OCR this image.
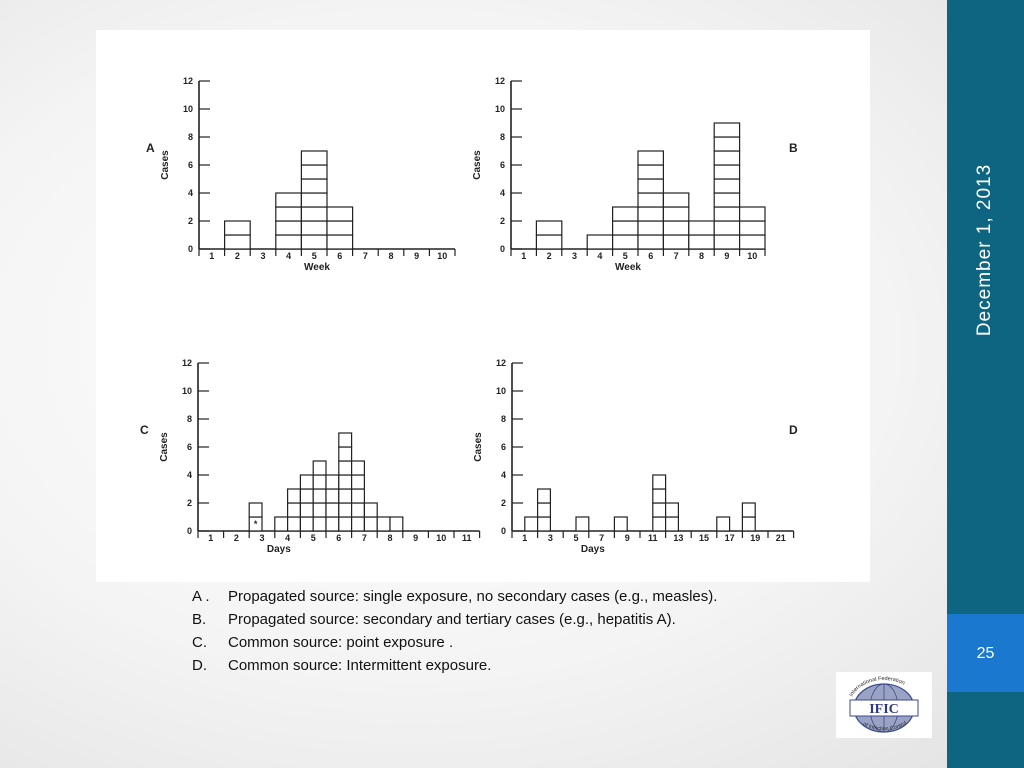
0
2
4
6
8
10
12
Cases
1 2 3 4 5 6 7 8 9 10
Week
A
0
2
4
6
8
10
12
Cases
1 2 3 4 5 6 7 8 9 10
Week
B
0
2
4
6
8
10
12
Cases
1 2 3 4 5 6 7 8 9 10 11
Days
*
C
0
2
4
6
8
10
12
Cases
1 3 5 7 9 11 13 15 17 19 21
Days
D
A . Propagated source: single exposure, no secondary cases (e.g., measles).
B. Propagated source: secondary and tertiary cases (e.g., hepatitis A).
C. Common source: point exposure .
D. Common source: Intermittent exposure.
December 1, 2013
25
International Federation
of Infection Control
IFIC
